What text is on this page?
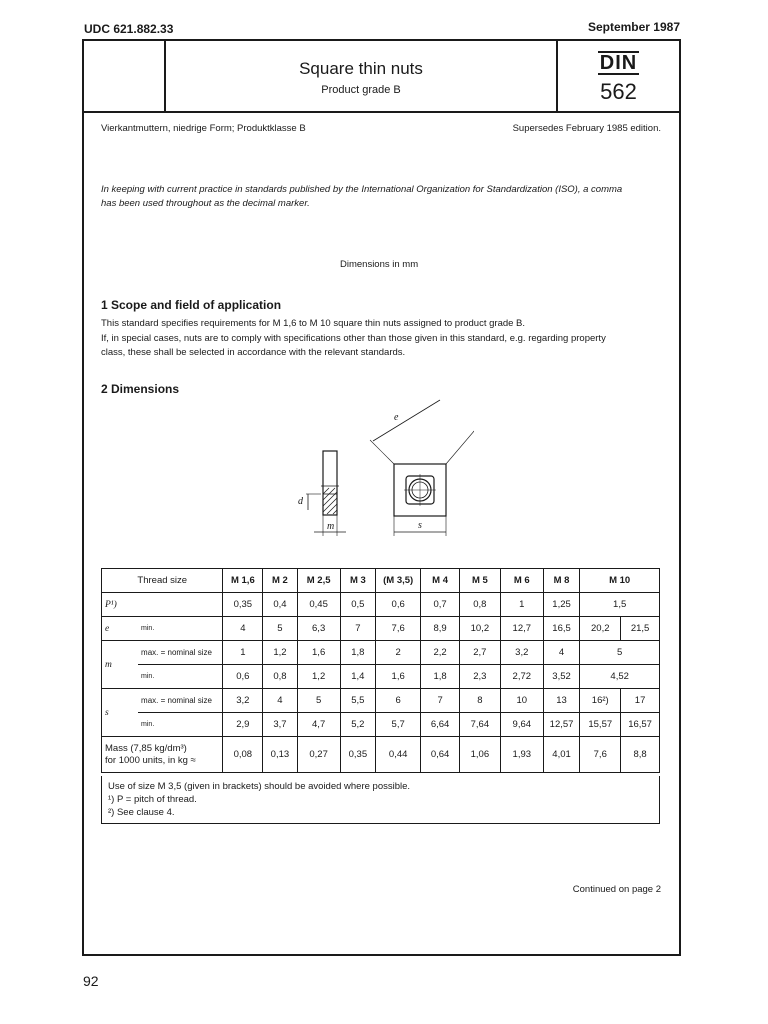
UDC 621.882.33	September 1987
Square thin nuts
Product grade B
DIN
562
Vierkantmuttern, niedrige Form; Produktklasse B	Supersedes February 1985 edition.
In keeping with current practice in standards published by the International Organization for Standardization (ISO), a comma
has been used throughout as the decimal marker.
Dimensions in mm
1 Scope and field of application
This standard specifies requirements for M 1,6 to M 10 square thin nuts assigned to product grade B.
If, in special cases, nuts are to comply with specifications other than those given in this standard, e.g. regarding property
class, these shall be selected in accordance with the relevant standards.
2 Dimensions
d
m	s
e
Thread size		M 1,6	M 2	M 2,5	M 3	(M 3,5)	M 4	M 5	M 6	M 8	M 10	
P¹)		0,35	0,4	0,45	0,5	0,6	0,7	0,8	1	1,25	1,5	
e	min.	4	5	6,3	7	7,6	8,9	10,2	12,7	16,5	20,2	21,5
m	max. = nominal size	1	1,2	1,6	1,8	2	2,2	2,7	3,2	4	5	
	min.	0,6	0,8	1,2	1,4	1,6	1,8	2,3	2,72	3,52	4,52	
s	max. = nominal size	3,2	4	5	5,5	6	7	8	10	13	16²)	17
	min.	2,9	3,7	4,7	5,2	5,7	6,64	7,64	9,64	12,57	15,57	16,57

Mass (7,85 kg/dm³)
for 1000 units, in kg ≈		0,08	0,13	0,27	0,35	0,44	0,64	1,06	1,93	4,01	7,6	8,8
Use of size M 3,5 (given in brackets) should be avoided where possible.
¹) P = pitch of thread.
²) See clause 4.
Continued on page 2
92
